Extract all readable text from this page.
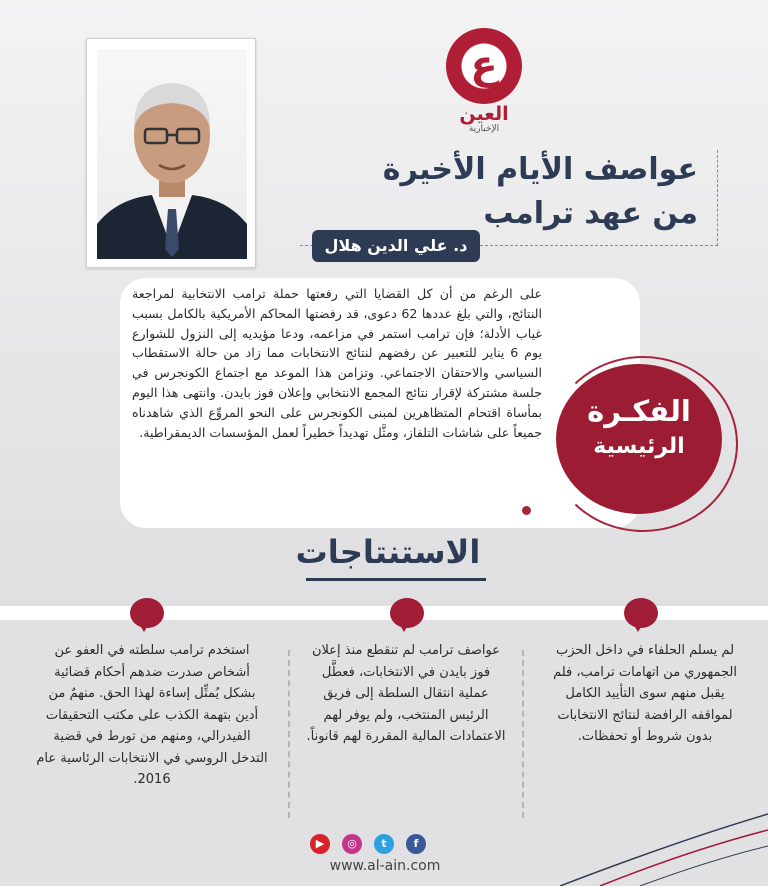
ع
العين
الإخبارية
عواصف الأيام الأخيرة
من عهد ترامب
د. علي الدين هلال
على الرغم من أن كل القضايا التي رفعتها حملة ترامب الانتخابية لمراجعة النتائج، والتي بلغ عددها 62 دعوى، قد رفضتها المحاكم الأمريكية بالكامل بسبب غياب الأدلة؛ فإن ترامب استمر في مزاعمه، ودعا مؤيديه إلى النزول للشوارع يوم 6 يناير للتعبير عن رفضهم لنتائج الانتخابات مما زاد من حالة الاستقطاب السياسي والاحتقان الاجتماعي. وتزامن هذا الموعد مع اجتماع الكونجرس في جلسة مشتركة لإقرار نتائج المجمع الانتخابي وإعلان فوز بايدن. وانتهى هذا اليوم بمأساة اقتحام المتظاهرين لمبنى الكونجرس على النحو المروِّع الذي شاهدناه جميعاً على شاشات التلفاز، ومثَّل تهديداً خطيراً لعمل المؤسسات الديمقراطية.
الفكـرة
الرئيسية
الاستنتاجات
لم يسلم الحلفاء في داخل الحزب الجمهوري من اتهامات ترامب، فلم يقبل منهم سوى التأييد الكامل لمواقفه الرافضة لنتائج الانتخابات بدون شروط أو تحفظات.
عواصف ترامب لم تنقطع منذ إعلان فوز بايدن في الانتخابات، فعطَّل عملية انتقال السلطة إلى فريق الرئيس المنتخب، ولم يوفر لهم الاعتمادات المالية المقررة لهم قانوناً.
استخدم ترامب سلطته في العفو عن أشخاص صدرت ضدهم أحكام قضائية بشكل يُمثِّل إساءة لهذا الحق. منهمٌ من أدين بتهمة الكذب على مكتب التحقيقات الفيدرالي، ومنهم من تورط في قضية التدخل الروسي في الانتخابات الرئاسية عام 2016.
▶	◎	t	f
www.al-ain.com
